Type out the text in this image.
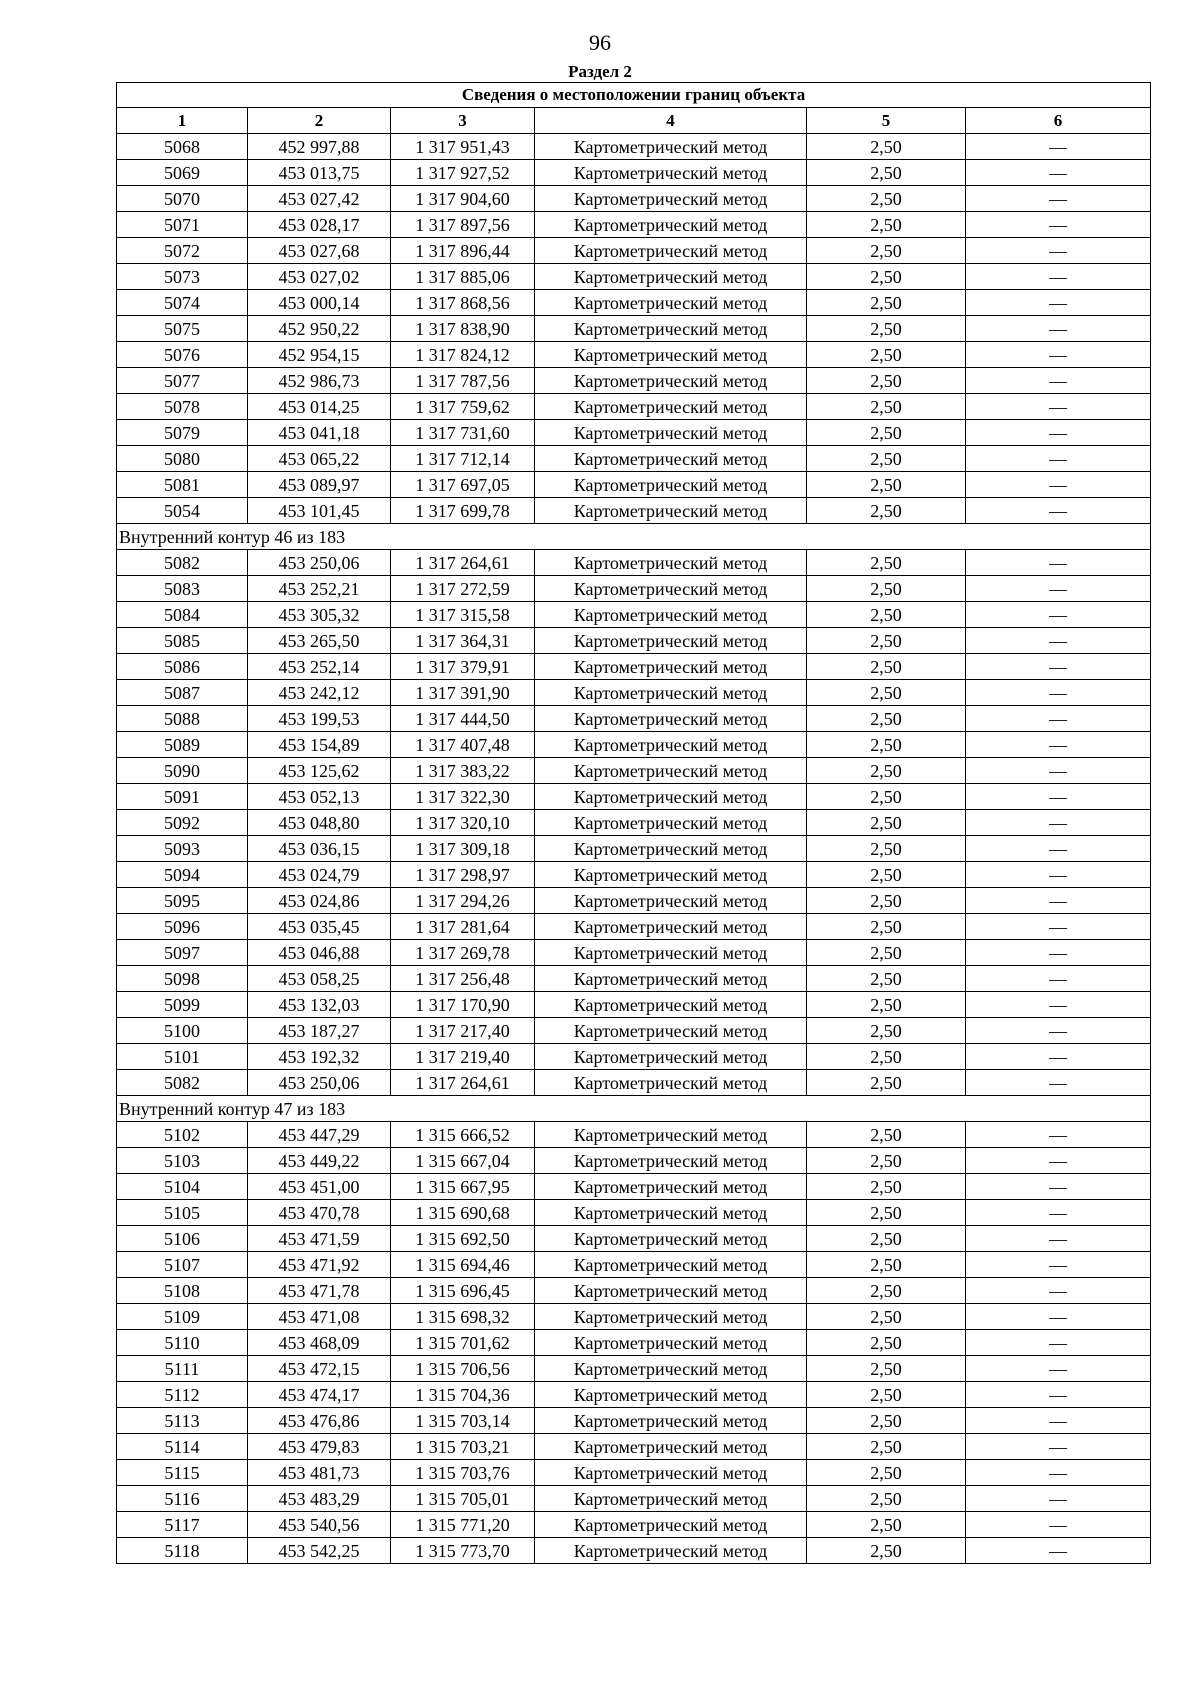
96
Раздел 2
Сведения о местоположении границ объекта					
1	2	3	4	5	6
5068	452 997,88	1 317 951,43	Картометрический метод	2,50	—
5069	453 013,75	1 317 927,52	Картометрический метод	2,50	—
5070	453 027,42	1 317 904,60	Картометрический метод	2,50	—
5071	453 028,17	1 317 897,56	Картометрический метод	2,50	—
5072	453 027,68	1 317 896,44	Картометрический метод	2,50	—
5073	453 027,02	1 317 885,06	Картометрический метод	2,50	—
5074	453 000,14	1 317 868,56	Картометрический метод	2,50	—
5075	452 950,22	1 317 838,90	Картометрический метод	2,50	—
5076	452 954,15	1 317 824,12	Картометрический метод	2,50	—
5077	452 986,73	1 317 787,56	Картометрический метод	2,50	—
5078	453 014,25	1 317 759,62	Картометрический метод	2,50	—
5079	453 041,18	1 317 731,60	Картометрический метод	2,50	—
5080	453 065,22	1 317 712,14	Картометрический метод	2,50	—
5081	453 089,97	1 317 697,05	Картометрический метод	2,50	—
5054	453 101,45	1 317 699,78	Картометрический метод	2,50	—
Внутренний контур 46 из 183					
5082	453 250,06	1 317 264,61	Картометрический метод	2,50	—
5083	453 252,21	1 317 272,59	Картометрический метод	2,50	—
5084	453 305,32	1 317 315,58	Картометрический метод	2,50	—
5085	453 265,50	1 317 364,31	Картометрический метод	2,50	—
5086	453 252,14	1 317 379,91	Картометрический метод	2,50	—
5087	453 242,12	1 317 391,90	Картометрический метод	2,50	—
5088	453 199,53	1 317 444,50	Картометрический метод	2,50	—
5089	453 154,89	1 317 407,48	Картометрический метод	2,50	—
5090	453 125,62	1 317 383,22	Картометрический метод	2,50	—
5091	453 052,13	1 317 322,30	Картометрический метод	2,50	—
5092	453 048,80	1 317 320,10	Картометрический метод	2,50	—
5093	453 036,15	1 317 309,18	Картометрический метод	2,50	—
5094	453 024,79	1 317 298,97	Картометрический метод	2,50	—
5095	453 024,86	1 317 294,26	Картометрический метод	2,50	—
5096	453 035,45	1 317 281,64	Картометрический метод	2,50	—
5097	453 046,88	1 317 269,78	Картометрический метод	2,50	—
5098	453 058,25	1 317 256,48	Картометрический метод	2,50	—
5099	453 132,03	1 317 170,90	Картометрический метод	2,50	—
5100	453 187,27	1 317 217,40	Картометрический метод	2,50	—
5101	453 192,32	1 317 219,40	Картометрический метод	2,50	—
5082	453 250,06	1 317 264,61	Картометрический метод	2,50	—
Внутренний контур 47 из 183					
5102	453 447,29	1 315 666,52	Картометрический метод	2,50	—
5103	453 449,22	1 315 667,04	Картометрический метод	2,50	—
5104	453 451,00	1 315 667,95	Картометрический метод	2,50	—
5105	453 470,78	1 315 690,68	Картометрический метод	2,50	—
5106	453 471,59	1 315 692,50	Картометрический метод	2,50	—
5107	453 471,92	1 315 694,46	Картометрический метод	2,50	—
5108	453 471,78	1 315 696,45	Картометрический метод	2,50	—
5109	453 471,08	1 315 698,32	Картометрический метод	2,50	—
5110	453 468,09	1 315 701,62	Картометрический метод	2,50	—
5111	453 472,15	1 315 706,56	Картометрический метод	2,50	—
5112	453 474,17	1 315 704,36	Картометрический метод	2,50	—
5113	453 476,86	1 315 703,14	Картометрический метод	2,50	—
5114	453 479,83	1 315 703,21	Картометрический метод	2,50	—
5115	453 481,73	1 315 703,76	Картометрический метод	2,50	—
5116	453 483,29	1 315 705,01	Картометрический метод	2,50	—
5117	453 540,56	1 315 771,20	Картометрический метод	2,50	—
5118	453 542,25	1 315 773,70	Картометрический метод	2,50	—
